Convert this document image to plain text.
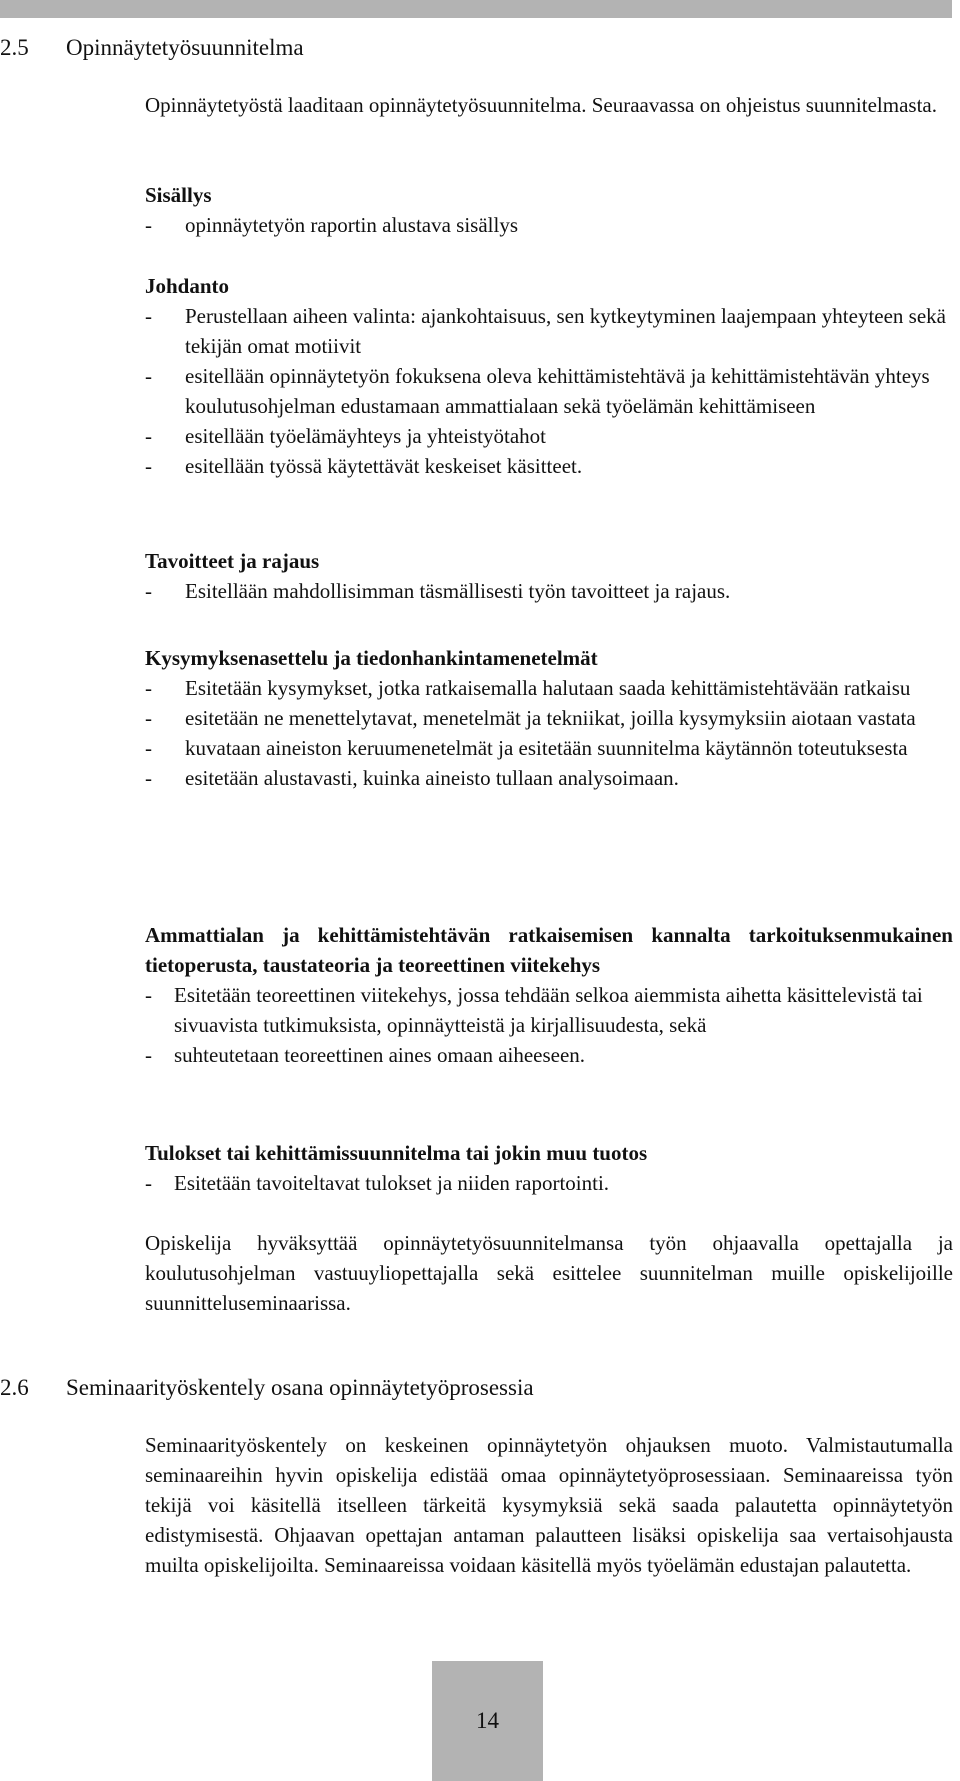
2.5 Opinnäytetyösuunnitelma

Opinnäytetyöstä laaditaan opinnäytetyösuunnitelma. Seuraavassa on ohjeistus suunnitelmasta.

Sisällys

- opinnäytetyön raportin alustava sisällys

Johdanto

- Perustellaan aiheen valinta: ajankohtaisuus, sen kytkeytyminen laajempaan yhteyteen sekä tekijän omat motiivit
- esitellään opinnäytetyön fokuksena oleva kehittämistehtävä ja kehittämistehtävän yhteys koulutusohjelman edustamaan ammattialaan sekä työelämän kehittämiseen
- esitellään työelämäyhteys ja yhteistyötahot
- esitellään työssä käytettävät keskeiset käsitteet.

Tavoitteet ja rajaus

- Esitellään mahdollisimman täsmällisesti työn tavoitteet ja rajaus.

Kysymyksenasettelu ja tiedonhankintamenetelmät

- Esitetään kysymykset, jotka ratkaisemalla halutaan saada kehittämistehtävään ratkaisu
- esitetään ne menettelytavat, menetelmät ja tekniikat, joilla kysymyksiin aiotaan vastata
- kuvataan aineiston keruumenetelmät ja esitetään suunnitelma käytännön toteutuksesta
- esitetään alustavasti, kuinka aineisto tullaan analysoimaan.

Ammattialan ja kehittämistehtävän ratkaisemisen kannalta tarkoituksenmukainen tietoperusta, taustateoria ja teoreettinen viitekehys

- Esitetään teoreettinen viitekehys, jossa tehdään selkoa aiemmista aihetta käsittelevistä tai sivuavista tutkimuksista, opinnäytteistä ja kirjallisuudesta, sekä
- suhteutetaan teoreettinen aines omaan aiheeseen.

Tulokset tai kehittämissuunnitelma tai jokin muu tuotos

- Esitetään tavoiteltavat tulokset ja niiden raportointi.

Opiskelija hyväksyttää opinnäytetyösuunnitelmansa työn ohjaavalla opettajalla ja koulutusohjelman vastuuyliopettajalla sekä esittelee suunnitelman muille opiskelijoille suunnitteluseminaarissa.

2.6 Seminaarityöskentely osana opinnäytetyöprosessia

Seminaarityöskentely on keskeinen opinnäytetyön ohjauksen muoto. Valmistautumalla seminaareihin hyvin opiskelija edistää omaa opinnäytetyöprosessiaan. Seminaareissa työn tekijä voi käsitellä itselleen tärkeitä kysymyksiä sekä saada palautetta opinnäytetyön edistymisestä. Ohjaavan opettajan antaman palautteen lisäksi opiskelija saa vertaisohjausta muilta opiskelijoilta. Seminaareissa voidaan käsitellä myös työelämän edustajan palautetta.

14
